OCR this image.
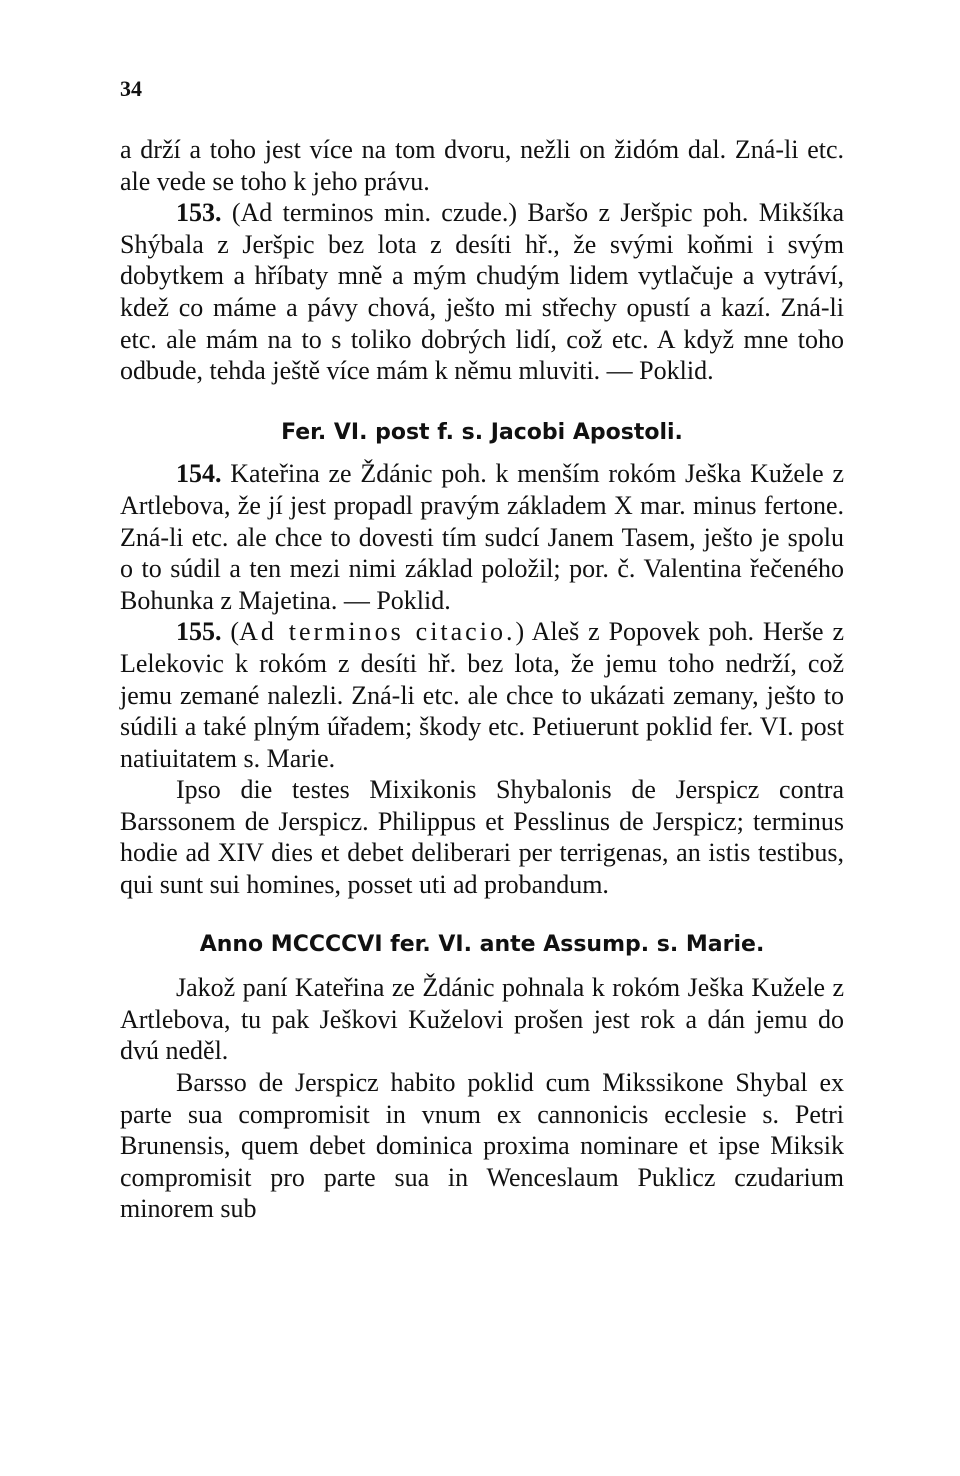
34

a drží a toho jest více na tom dvoru, nežli on židóm dal. Zná-li etc. ale vede se toho k jeho právu.

153. (Ad terminos min. czude.) Baršo z Jeršpic poh. Mikšíka Shýbala z Jeršpic bez lota z desíti hř., že svými koňmi i svým dobytkem a hříbaty mně a mým chudým lidem vytlačuje a vytráví, kdež co máme a pávy chová, ješto mi střechy opustí a kazí. Zná-li etc. ale mám na to s toliko dobrých lidí, což etc. A když mne toho odbude, tehda ještě více mám k němu mluviti. — Poklid.

Fer. VI. post f. s. Jacobi Apostoli.

154. Kateřina ze Ždánic poh. k menším rokóm Ješka Kužele z Artlebova, že jí jest propadl pravým základem X mar. minus fertone. Zná-li etc. ale chce to dovesti tím sudcí Janem Tasem, ješto je spolu o to súdil a ten mezi nimi základ položil; por. č. Valentina řečeného Bohunka z Majetina. — Poklid.

155. (Ad terminos citacio.) Aleš z Popovek poh. Herše z Lelekovic k rokóm z desíti hř. bez lota, že jemu toho nedrží, což jemu zemané nalezli. Zná-li etc. ale chce to ukázati zemany, ješto to súdili a také plným úřadem; škody etc. Petiuerunt poklid fer. VI. post natiuitatem s. Marie.

Ipso die testes Mixikonis Shybalonis de Jerspicz contra Barssonem de Jerspicz. Philippus et Pesslinus de Jerspicz; terminus hodie ad XIV dies et debet deliberari per terrigenas, an istis testibus, qui sunt sui homines, posset uti ad probandum.

Anno MCCCCVI fer. VI. ante Assump. s. Marie.

Jakož paní Kateřina ze Ždánic pohnala k rokóm Ješka Kužele z Artlebova, tu pak Ješkovi Kuželovi prošen jest rok a dán jemu do dvú neděl.

Barsso de Jerspicz habito poklid cum Mikssikone Shybal ex parte sua compromisit in vnum ex cannonicis ecclesie s. Petri Brunensis, quem debet dominica proxima nominare et ipse Miksik compromisit pro parte sua in Wenceslaum Puklicz czudarium minorem sub
